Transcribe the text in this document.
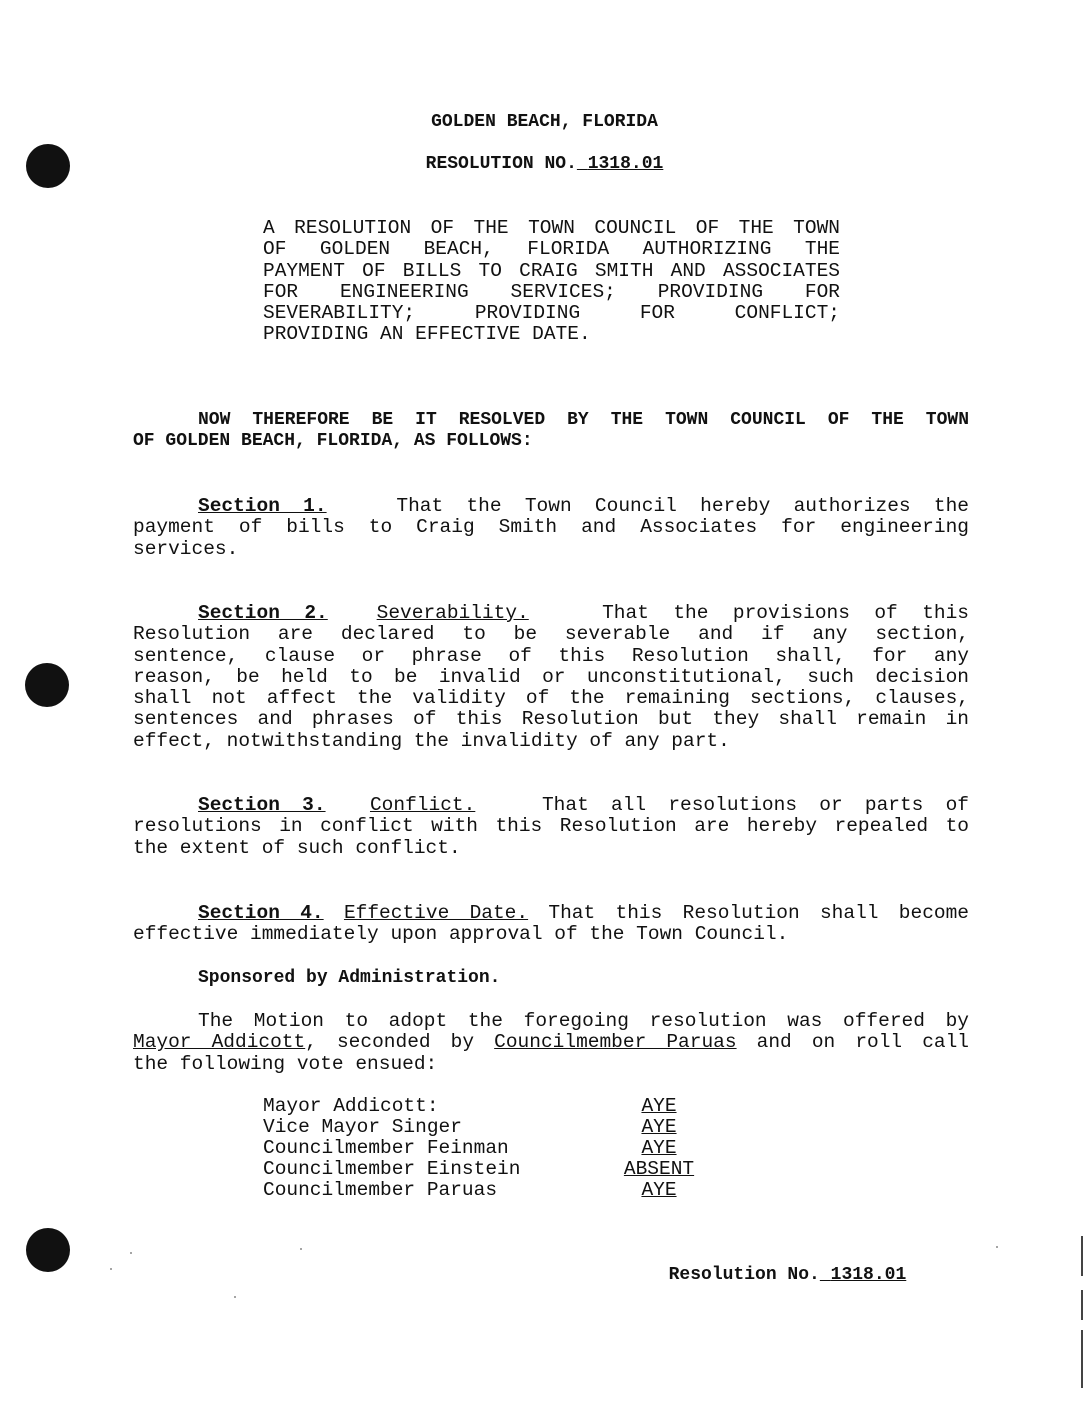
GOLDEN BEACH, FLORIDA
RESOLUTION NO. 1318.01
A RESOLUTION OF THE TOWN COUNCIL OF THE TOWN
OF GOLDEN BEACH, FLORIDA AUTHORIZING THE
PAYMENT OF BILLS TO CRAIG SMITH AND ASSOCIATES
FOR ENGINEERING SERVICES; PROVIDING FOR
SEVERABILITY; PROVIDING FOR CONFLICT;
PROVIDING AN EFFECTIVE DATE.
NOW THEREFORE BE IT RESOLVED BY THE TOWN COUNCIL OF THE TOWN
OF GOLDEN BEACH, FLORIDA, AS FOLLOWS:
Section 1.	That the Town Council hereby authorizes the
payment of bills to Craig Smith and Associates for engineering
services.
Section 2.	Severability.	That the provisions of this
Resolution are declared to be severable and if any section,
sentence, clause or phrase of this Resolution shall, for any
reason, be held to be invalid or unconstitutional, such decision
shall not affect the validity of the remaining sections, clauses,
sentences and phrases of this Resolution but they shall remain in
effect, notwithstanding the invalidity of any part.
Section 3. Conflict.	That all resolutions or parts of
resolutions in conflict with this Resolution are hereby repealed to
the extent of such conflict.
Section 4. Effective Date. That this Resolution shall become
effective immediately upon approval of the Town Council.
Sponsored by Administration.
The Motion to adopt the foregoing resolution was offered by
Mayor Addicott, seconded by Councilmember Paruas and on roll call
the following vote ensued:
Mayor Addicott:	AYE
Vice Mayor Singer	AYE
Councilmember Feinman	AYE
Councilmember Einstein	ABSENT
Councilmember Paruas	AYE

Resolution No. 1318.01
